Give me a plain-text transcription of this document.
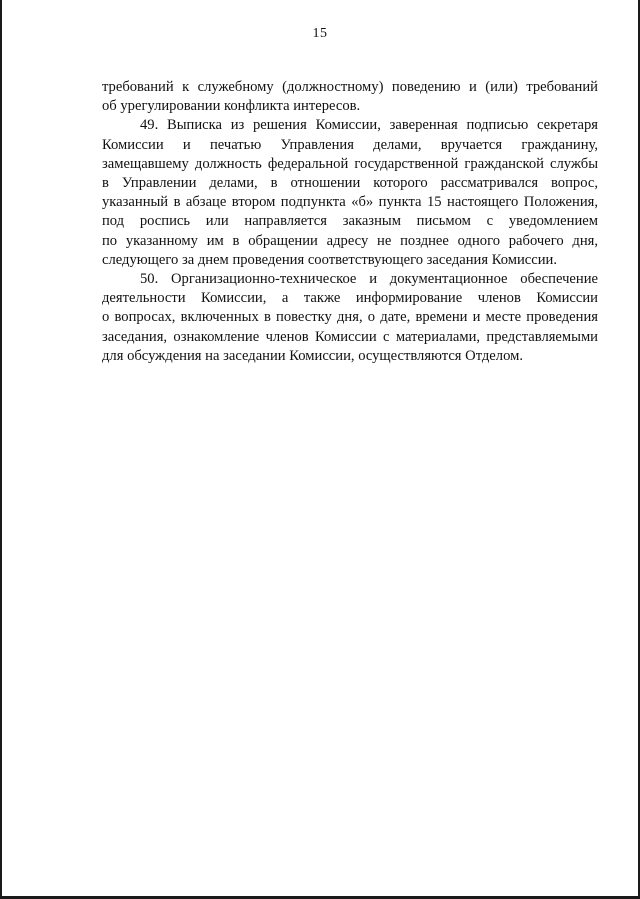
15
требований к служебному (должностному) поведению и (или) требований
об урегулировании конфликта интересов.
49. Выписка из решения Комиссии, заверенная подписью секретаря
Комиссии и печатью Управления делами, вручается гражданину,
замещавшему должность федеральной государственной гражданской службы
в Управлении делами, в отношении которого рассматривался вопрос,
указанный в абзаце втором подпункта «б» пункта 15 настоящего Положения,
под роспись или направляется заказным письмом с уведомлением
по указанному им в обращении адресу не позднее одного рабочего дня,
следующего за днем проведения соответствующего заседания Комиссии.
50. Организационно-техническое и документационное обеспечение
деятельности Комиссии, а также информирование членов Комиссии
о вопросах, включенных в повестку дня, о дате, времени и месте проведения
заседания, ознакомление членов Комиссии с материалами, представляемыми
для обсуждения на заседании Комиссии, осуществляются Отделом.
